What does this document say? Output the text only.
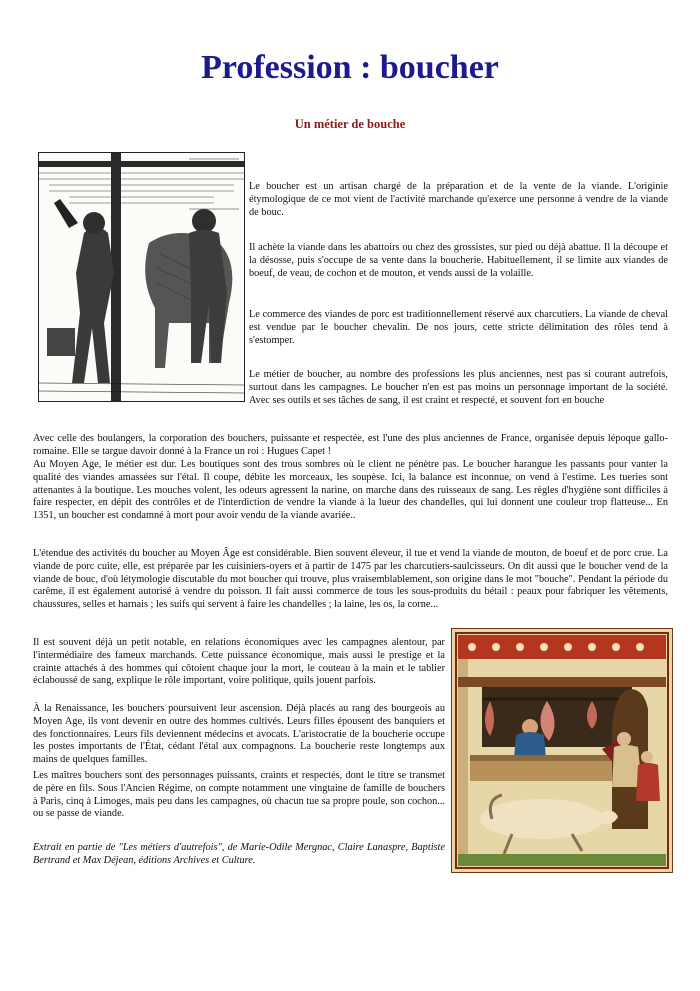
Profession : boucher
Un métier de bouche

Le boucher est un artisan chargé de la préparation et de la vente de la viande. L'originie étymologique de ce mot vient de l'activité marchande qu'exerce une personne à vendre de la viande de bouc.

Il achète la viande dans les abattoirs ou chez des grossistes, sur pied ou déjà abattue. Il la découpe et la désosse, puis s'occupe de sa vente dans la boucherie. Habituellement, il se limite aux viandes de boeuf, de veau, de cochon et de mouton, et vends aussi de la volaille.

Le commerce des viandes de porc est traditionnellement réservé aux charcutiers. La viande de cheval est vendue par le boucher chevalin. De nos jours, cette stricte délimitation des rôles tend à s'estomper.

Le métier de boucher, au nombre des professions les plus anciennes, nest pas si courant autrefois, surtout dans les campagnes. Le boucher n'en est pas moins un personnage important de la société. Avec ses outils et ses tâches de sang, il est craint et respecté, et souvent fort en bouche

Avec celle des boulangers, la corporation des bouchers, puissante et respectée, est l'une des plus anciennes de France, organisée depuis lépoque gallo-romaine. Elle se targue davoir donné à la France un roi : Hugues Capet !

Au Moyen Age, le métier est dur. Les boutiques sont des trous sombres où le client ne pénètre pas. Le boucher harangue les passants pour vanter la qualité des viandes amassées sur l'étal. Il coupe, débite les morceaux, les soupèse. Ici, la balance est inconnue, on vend à l'estime. Les tueries sont attenantes à la boutique. Les mouches volent, les odeurs agressent la narine, on marche dans des ruisseaux de sang. Les règles d'hygiène sont difficiles à faire respecter, en dépit des contrôles et de l'interdiction de vendre la viande à la lueur des chandelles, qui lui donnent une couleur trop flatteuse... En 1351, un boucher est condamné à mort pour avoir vendu de la viande avariée..

L'étendue des activités du boucher au Moyen Âge est considérable. Bien souvent éleveur, il tue et vend la viande de mouton, de boeuf et de porc crue. La viande de porc cuite, elle, est préparée par les cuisiniers-oyers et à partir de 1475 par les charcutiers-saulcisseurs. On dit aussi que le boucher vend de la viande de bouc, d'où létymologie discutable du mot boucher qui trouve, plus vraisemblablement, son origine dans le mot "bouche". Pendant la période du carême, il est également autorisé à vendre du poisson. Il fait aussi commerce de tous les sous-produits du bétail : peaux pour fabriquer les vêtements, chaussures, selles et harnais ; les suifs qui servent à faire les chandelles ; la laine, les os, la corne...

Il est souvent déjà un petit notable, en relations économiques avec les campagnes alentour, par l'intermédiaire des fameux marchands. Cette puissance économique, mais aussi le prestige et la crainte attachés à des hommes qui côtoient chaque jour la mort, le couteau à la main et le tablier éclaboussé de sang, explique le rôle important, voire politique, quils jouent parfois.

À la Renaissance, les bouchers poursuivent leur ascension. Déjà placés au rang des bourgeois au Moyen Age, ils vont devenir en outre des hommes cultivés. Leurs filles épousent des banquiers et des fonctionnaires. Leurs fils deviennent médecins et avocats. L'aristocratie de la boucherie occupe les postes importants de l'État, cédant l'étal aux compagnons. La boucherie reste longtemps aux mains de quelques familles.

Les maîtres bouchers sont des personnages puissants, craints et respectés, dont le titre se transmet de père en fils. Sous l'Ancien Régime, on compte notamment une vingtaine de famille de bouchers à Paris, cinq à Limoges, mais peu dans les campagnes, où chacun tue sa propre poule, son cochon... ou se passe de viande.

Extrait en partie de "Les métiers d'autrefois", de Marie-Odile Mergnac, Claire Lanaspre, Baptiste Bertrand et Max Déjean, éditions Archives et Culture.
